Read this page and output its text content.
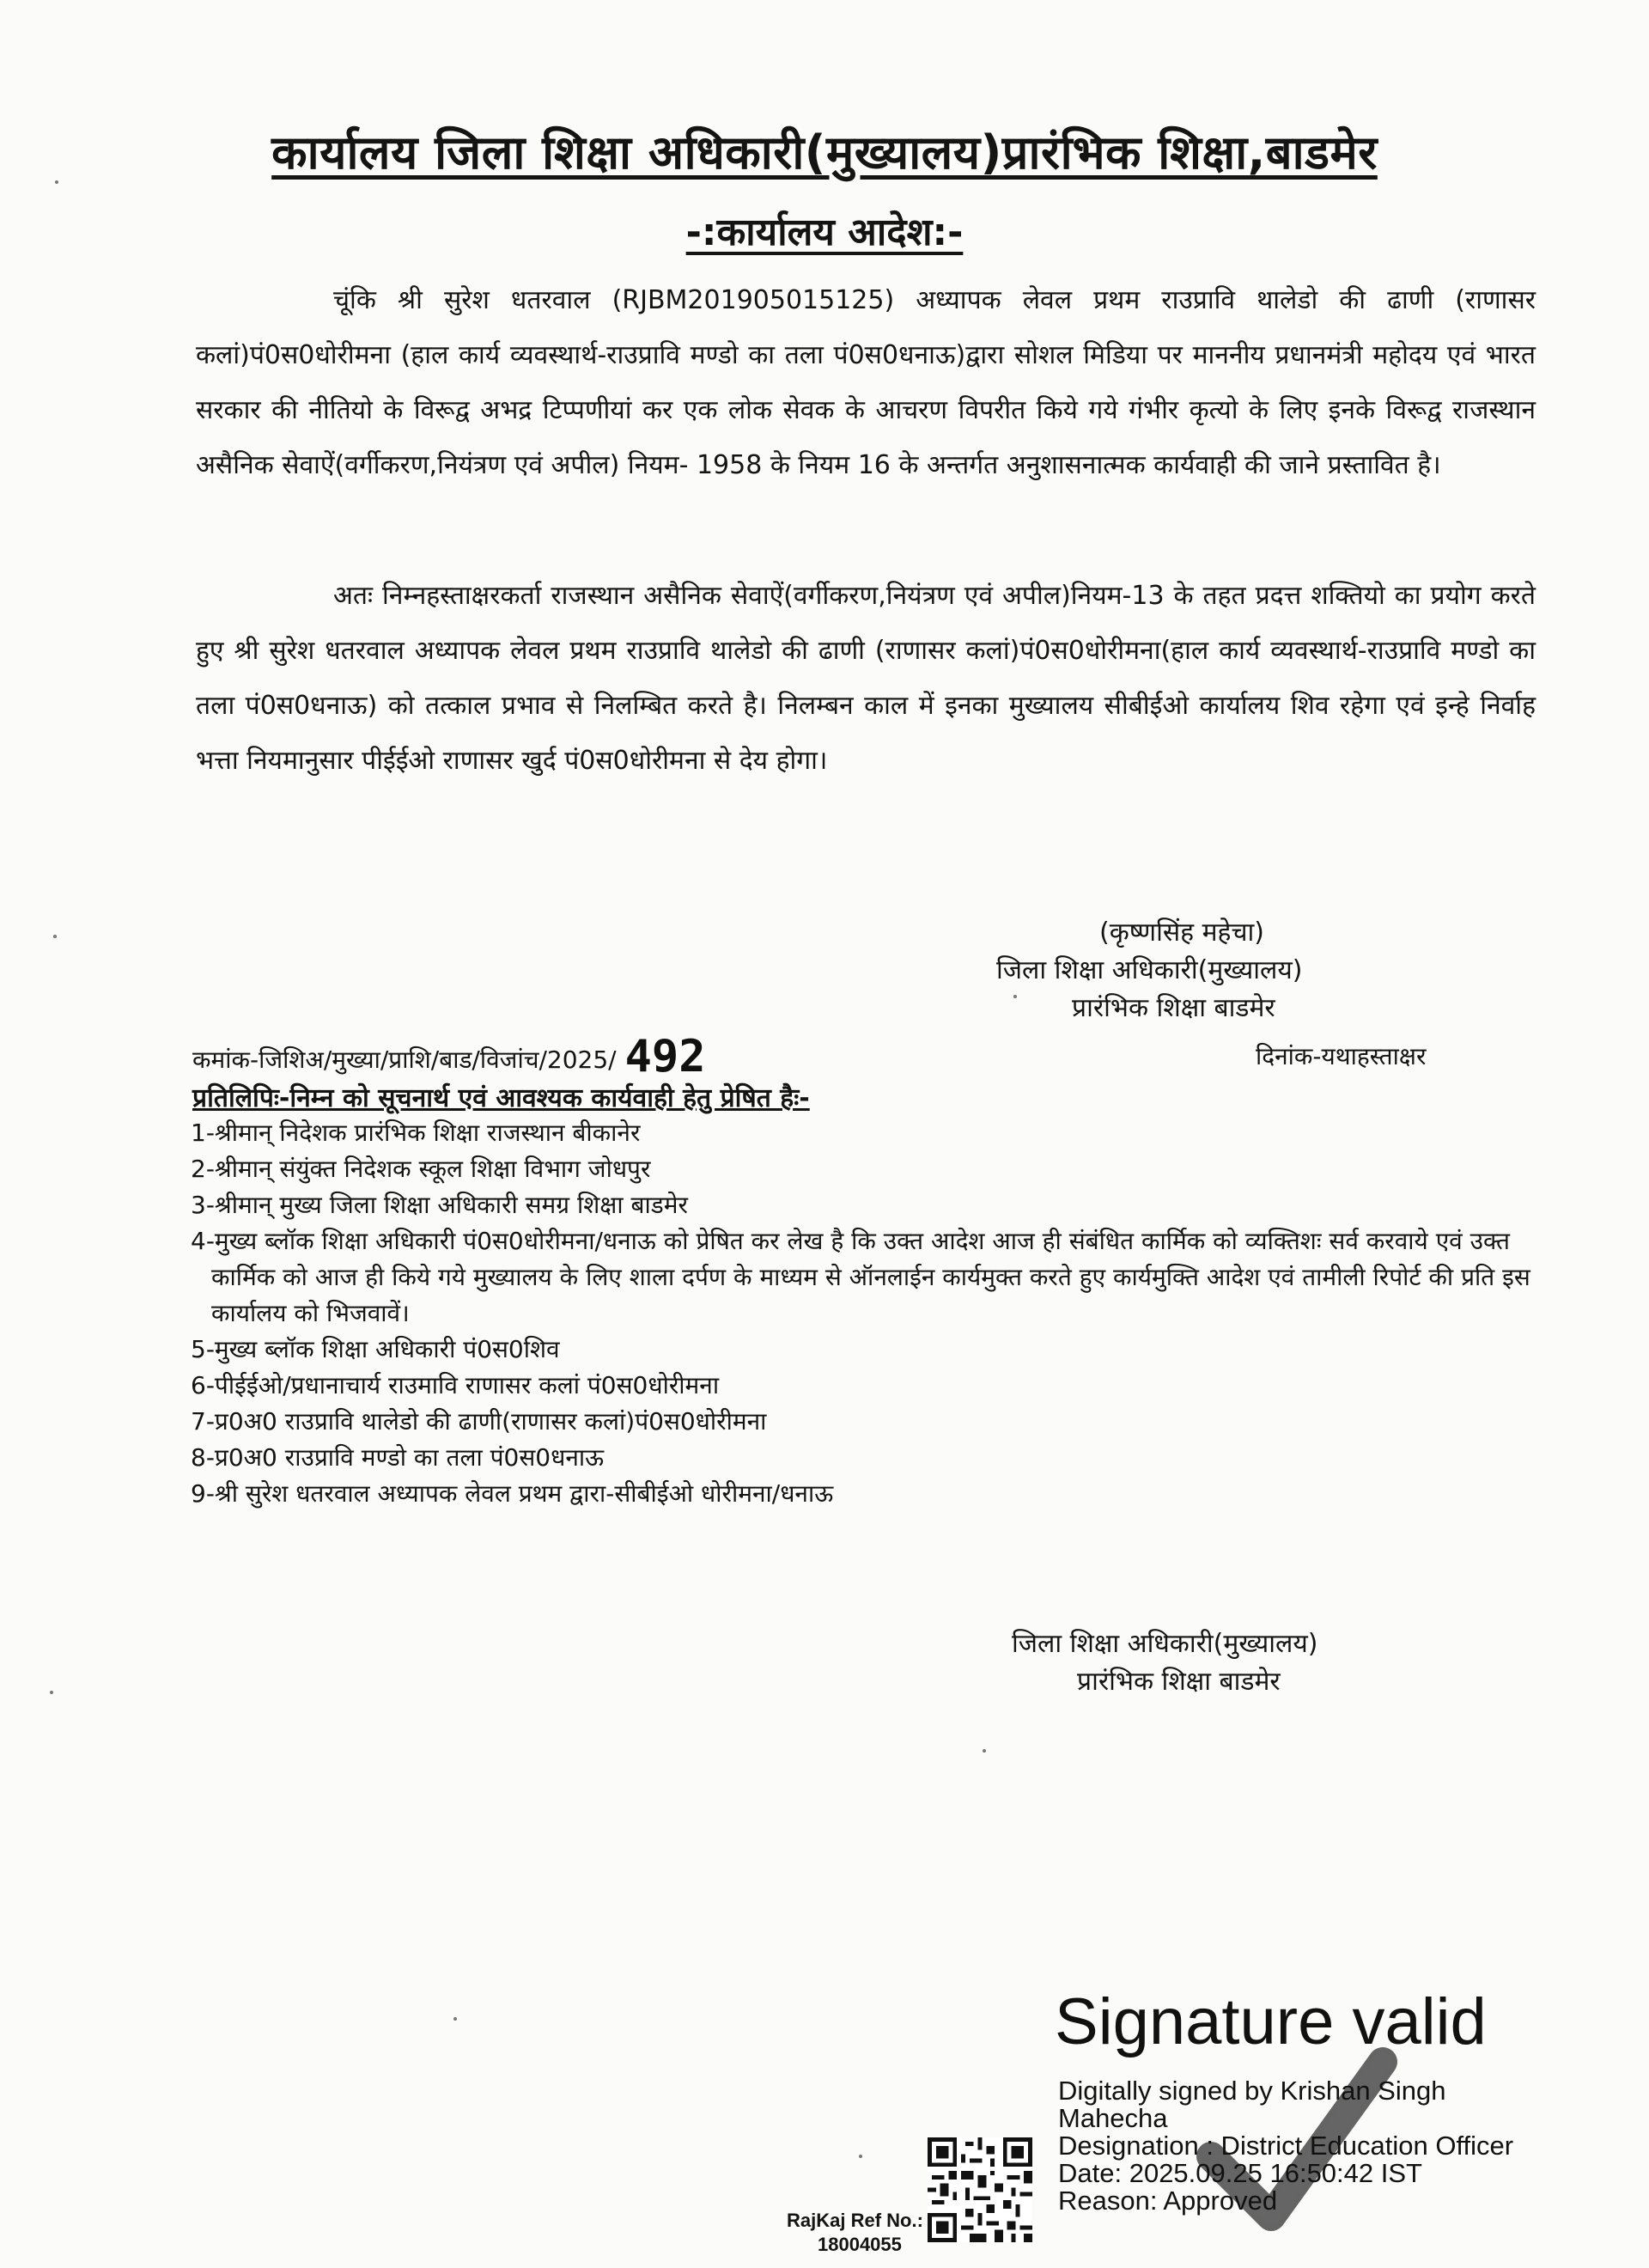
कार्यालय जिला शिक्षा अधिकारी(मुख्यालय)प्रारंभिक शिक्षा,बाडमेर
-:कार्यालय आदेश:-
चूंकि श्री सुरेश धतरवाल (RJBM201905015125) अध्यापक लेवल प्रथम राउप्रावि थालेडो की ढाणी (राणासर कलां)पं0स0धोरीमना (हाल कार्य व्यवस्थार्थ-राउप्रावि मण्डो का तला पं0स0धनाऊ)द्वारा सोशल मिडिया पर माननीय प्रधानमंत्री महोदय एवं भारत सरकार की नीतियो के विरूद्व अभद्र टिप्पणीयां कर एक लोक सेवक के आचरण विपरीत किये गये गंभीर कृत्यो के लिए इनके विरूद्व राजस्थान असैनिक सेवाऐं(वर्गीकरण,नियंत्रण एवं अपील) नियम- 1958 के नियम 16 के अन्तर्गत अनुशासनात्मक कार्यवाही की जाने प्रस्तावित है।
अतः निम्नहस्ताक्षरकर्ता राजस्थान असैनिक सेवाऐं(वर्गीकरण,नियंत्रण एवं अपील)नियम-13 के तहत प्रदत्त शक्तियो का प्रयोग करते हुए श्री सुरेश धतरवाल अध्यापक लेवल प्रथम राउप्रावि थालेडो की ढाणी (राणासर कलां)पं0स0धोरीमना(हाल कार्य व्यवस्थार्थ-राउप्रावि मण्डो का तला पं0स0धनाऊ) को तत्काल प्रभाव से निलम्बित करते है। निलम्बन काल में इनका मुख्यालय सीबीईओ कार्यालय शिव रहेगा एवं इन्हे निर्वाह भत्ता नियमानुसार पीईईओ राणासर खुर्द पं0स0धोरीमना से देय होगा।
(कृष्णसिंह महेचा)
जिला शिक्षा अधिकारी(मुख्यालय)
प्रारंभिक शिक्षा बाडमेर
कमांक-जिशिअ/मुख्या/प्राशि/बाड/विजांच/2025/ 492	दिनांक-यथाहस्ताक्षर
प्रतिलिपिः-निम्न को सूचनार्थ एवं आवश्यक कार्यवाही हेतु प्रेषित हैः-
1-श्रीमान् निदेशक प्रारंभिक शिक्षा राजस्थान बीकानेर
2-श्रीमान् संयुंक्त निदेशक स्कूल शिक्षा विभाग जोधपुर
3-श्रीमान् मुख्य जिला शिक्षा अधिकारी समग्र शिक्षा बाडमेर
4-मुख्य ब्लॉक शिक्षा अधिकारी पं0स0धोरीमना/धनाऊ को प्रेषित कर लेख है कि उक्त आदेश आज ही संबंधित कार्मिक को व्यक्तिशः सर्व करवाये एवं उक्त कार्मिक को आज ही किये गये मुख्यालय के लिए शाला दर्पण के माध्यम से ऑनलाईन कार्यमुक्त करते हुए कार्यमुक्ति आदेश एवं तामीली रिपोर्ट की प्रति इस कार्यालय को भिजवावें।
5-मुख्य ब्लॉक शिक्षा अधिकारी पं0स0शिव
6-पीईईओ/प्रधानाचार्य राउमावि राणासर कलां पं0स0धोरीमना
7-प्र0अ0 राउप्रावि थालेडो की ढाणी(राणासर कलां)पं0स0धोरीमना
8-प्र0अ0 राउप्रावि मण्डो का तला पं0स0धनाऊ
9-श्री सुरेश धतरवाल अध्यापक लेवल प्रथम द्वारा-सीबीईओ धोरीमना/धनाऊ
जिला शिक्षा अधिकारी(मुख्यालय)
प्रारंभिक शिक्षा बाडमेर
Signature valid
Digitally signed by Krishan Singh
Mahecha
Designation : District Education Officer
Date: 2025.09.25 16:50:42 IST
Reason: Approved
RajKaj Ref No.:
18004055
